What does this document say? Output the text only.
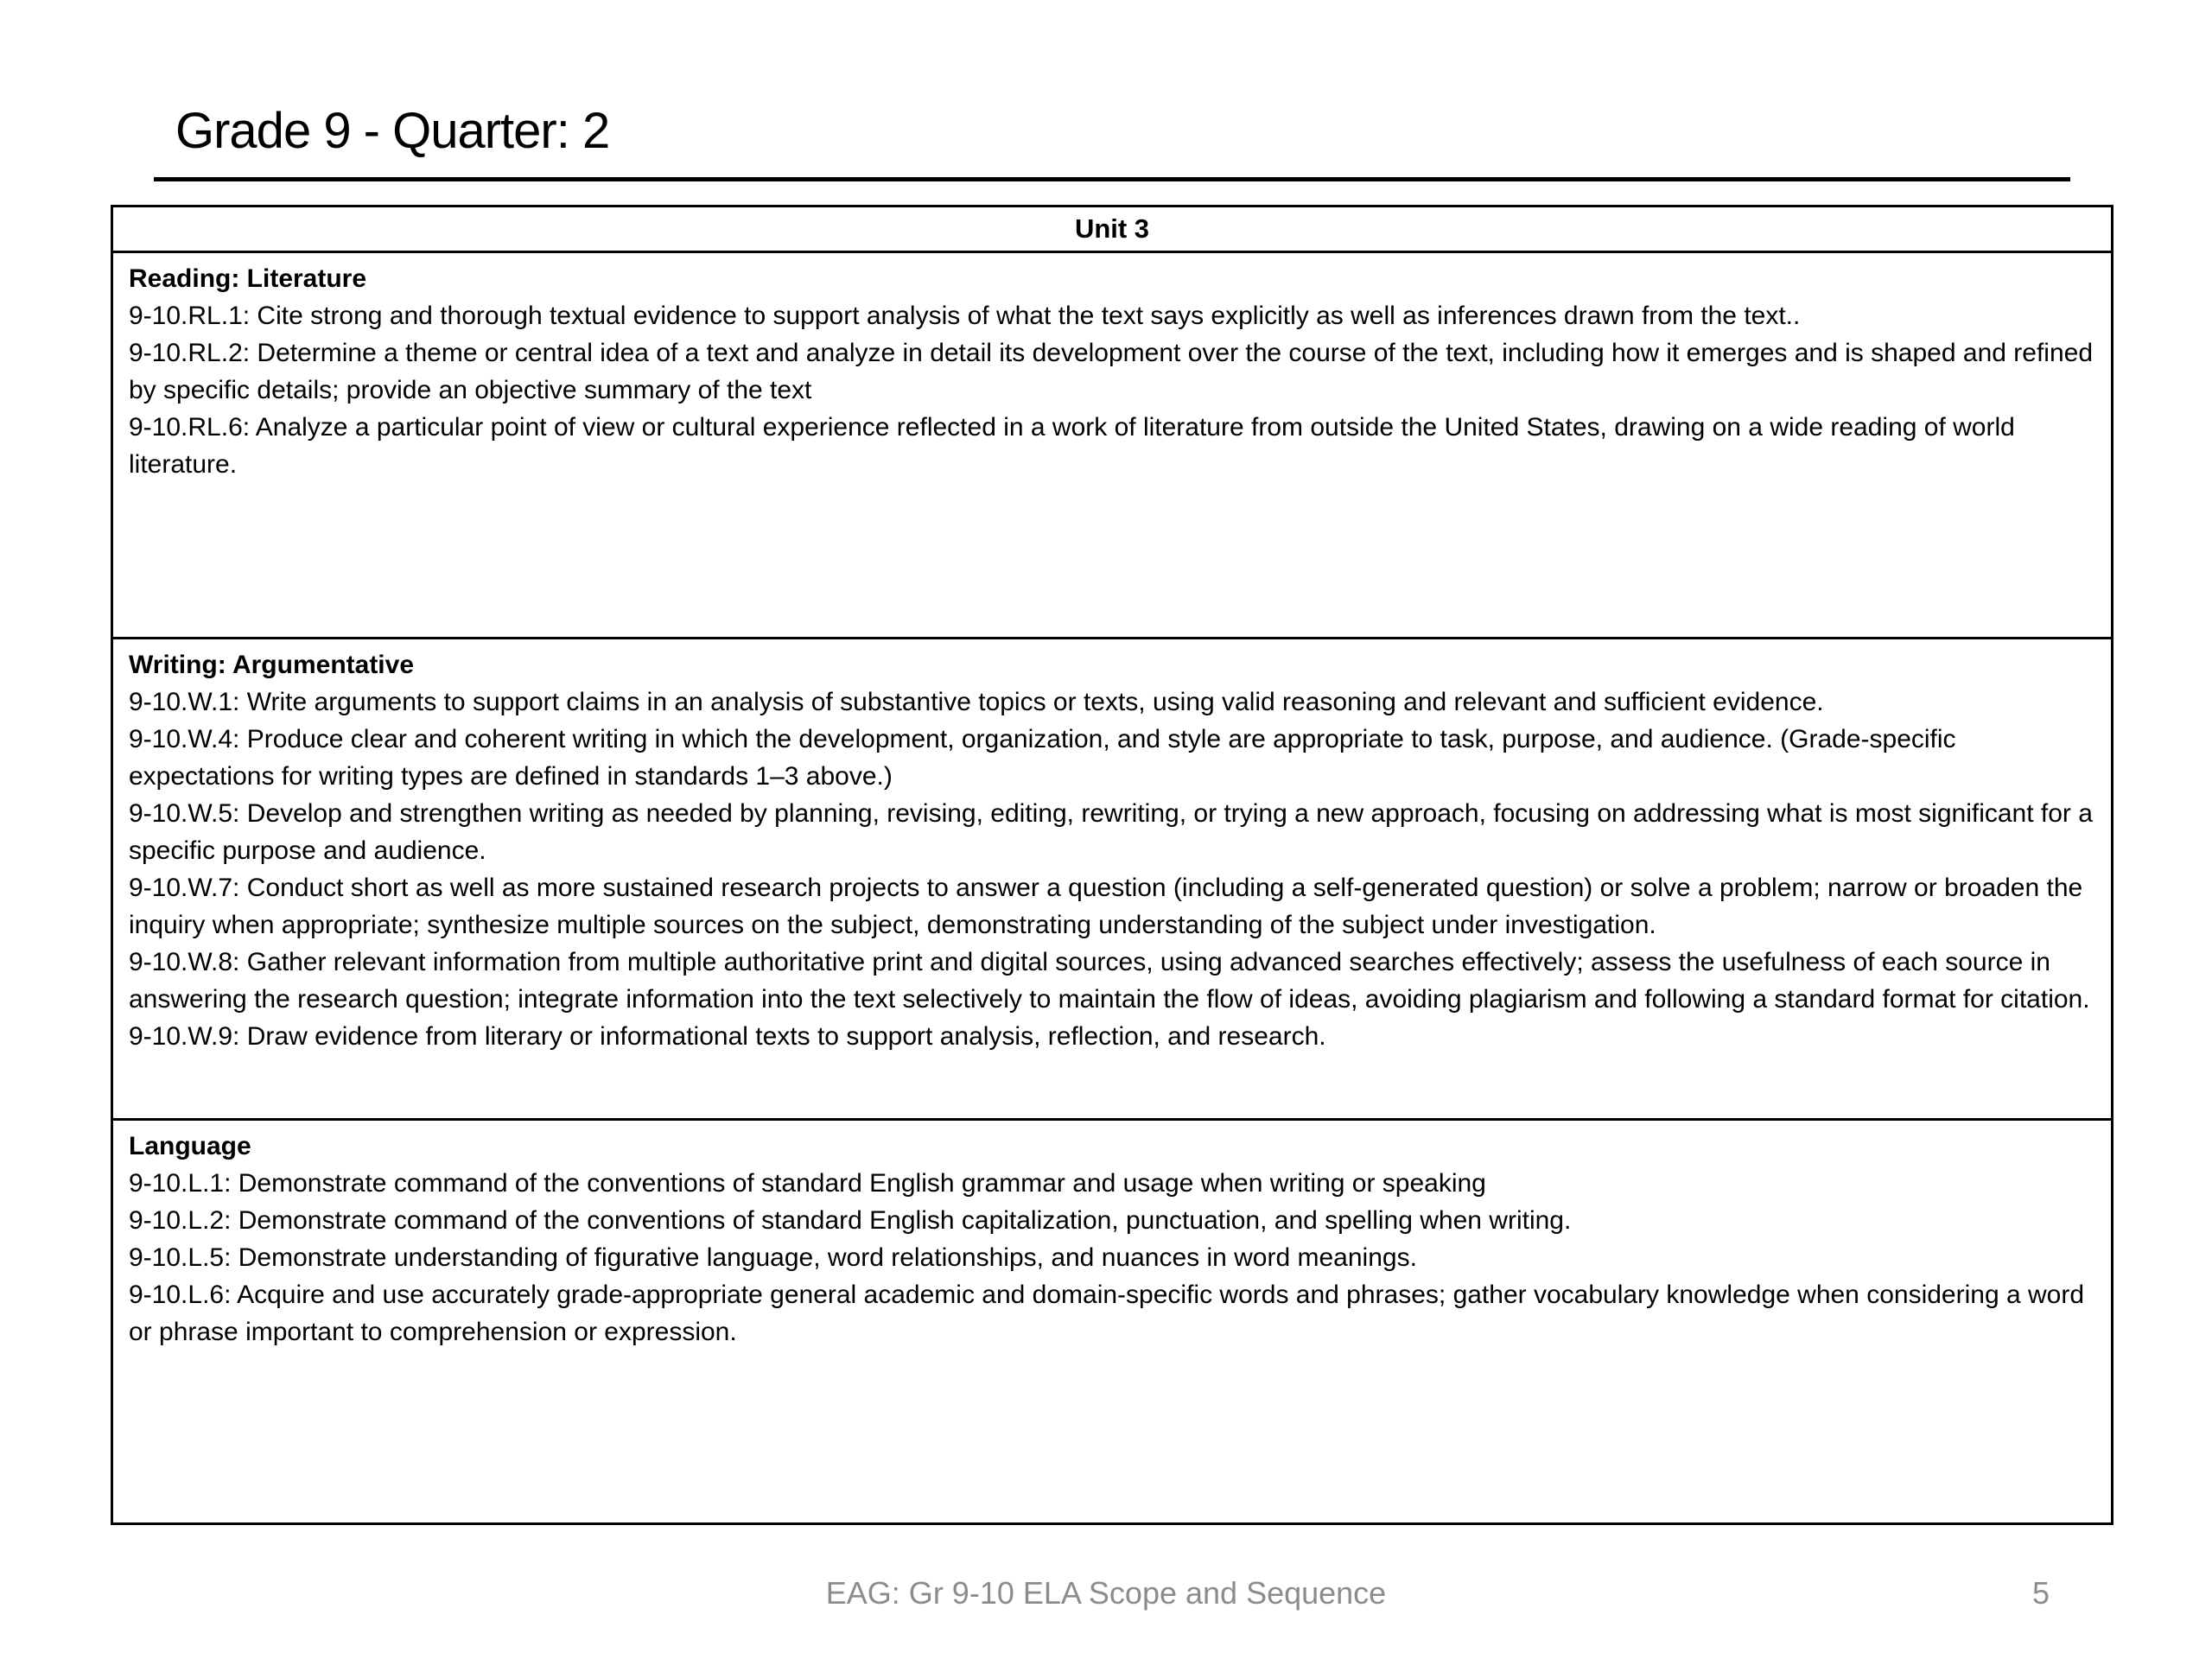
Grade 9 - Quarter: 2
Unit 3
Reading: Literature

9-10.RL.1: Cite strong and thorough textual evidence to support analysis of what the text says explicitly as well as inferences drawn from the text..

9-10.RL.2: Determine a theme or central idea of a text and analyze in detail its development over the course of the text, including how it emerges and is shaped and refined by specific details; provide an objective summary of the text

9-10.RL.6: Analyze a particular point of view or cultural experience reflected in a work of literature from outside the United States, drawing on a wide reading of world literature.

Writing: Argumentative

9-10.W.1: Write arguments to support claims in an analysis of substantive topics or texts, using valid reasoning and relevant and sufficient evidence.

9-10.W.4: Produce clear and coherent writing in which the development, organization, and style are appropriate to task, purpose, and audience. (Grade-specific expectations for writing types are defined in standards 1–3 above.)

9-10.W.5: Develop and strengthen writing as needed by planning, revising, editing, rewriting, or trying a new approach, focusing on addressing what is most significant for a specific purpose and audience.

9-10.W.7: Conduct short as well as more sustained research projects to answer a question (including a self-generated question) or solve a problem; narrow or broaden the inquiry when appropriate; synthesize multiple sources on the subject, demonstrating understanding of the subject under investigation.

9-10.W.8: Gather relevant information from multiple authoritative print and digital sources, using advanced searches effectively; assess the usefulness of each source in answering the research question; integrate information into the text selectively to maintain the flow of ideas, avoiding plagiarism and following a standard format for citation.

9-10.W.9: Draw evidence from literary or informational texts to support analysis, reflection, and research.

Language

9-10.L.1: Demonstrate command of the conventions of standard English grammar and usage when writing or speaking

9-10.L.2: Demonstrate command of the conventions of standard English capitalization, punctuation, and spelling when writing.

9-10.L.5: Demonstrate understanding of figurative language, word relationships, and nuances in word meanings.

9-10.L.6: Acquire and use accurately grade-appropriate general academic and domain-specific words and phrases; gather vocabulary knowledge when considering a word or phrase important to comprehension or expression.

EAG: Gr 9-10 ELA Scope and Sequence	5
